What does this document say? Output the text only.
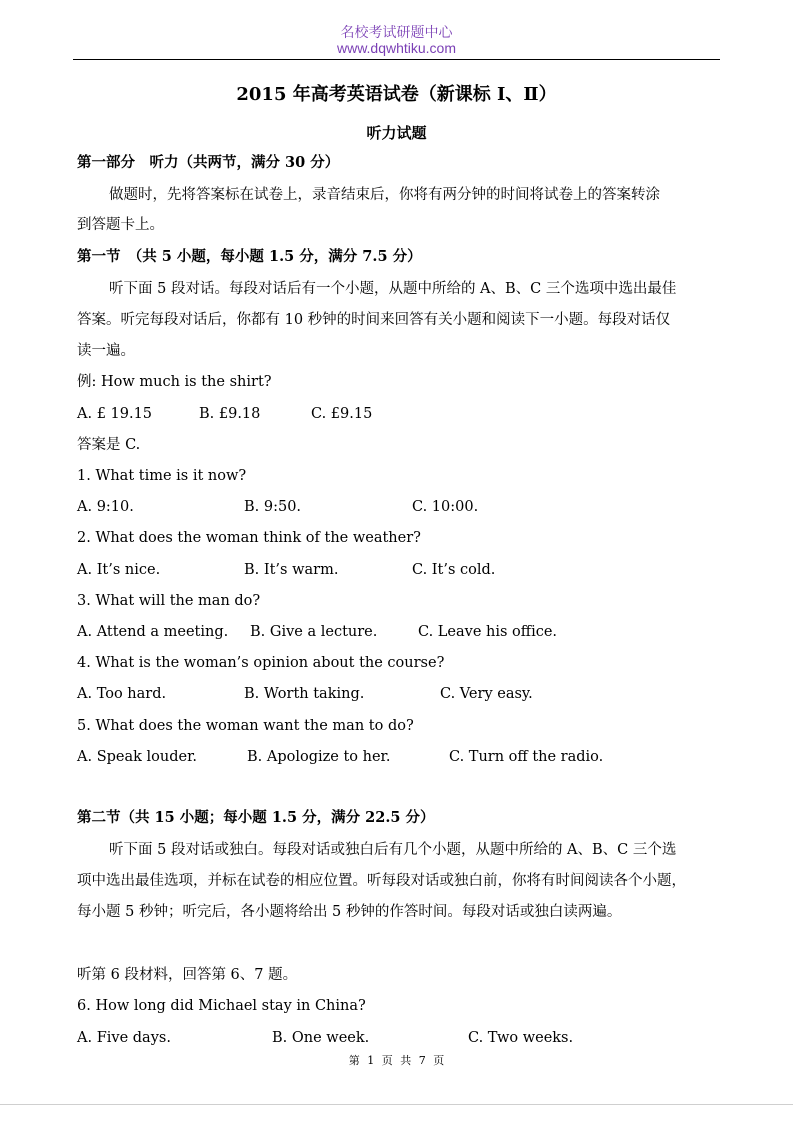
名校考试研题中心
www.dqwhtiku.com
2015 年高考英语试卷（新课标 I、Ⅱ）
听力试题
第一部分　听力（共两节，满分 30 分）
做题时，先将答案标在试卷上，录音结束后，你将有两分钟的时间将试卷上的答案转涂
到答题卡上。
第一节　（共 5 小题，每小题 1.5 分，满分 7.5 分）
听下面 5 段对话。每段对话后有一个小题，从题中所给的 A、B、C 三个选项中选出最佳
答案。听完每段对话后，你都有 10 秒钟的时间来回答有关小题和阅读下一小题。每段对话仅
读一遍。
例: How much is the shirt?
A. £ 19.15	B. £9.18	C. £9.15
答案是 C.
1. What time is it now?
A. 9:10.	B. 9:50.	C. 10:00.
2. What does the woman think of the weather?
A. It’s nice.	B. It’s warm.	C. It’s cold.
3. What will the man do?
A. Attend a meeting. B. Give a lecture.	C. Leave his office.
4. What is the woman’s opinion about the course?
A. Too hard.	B. Worth taking.	C. Very easy.
5. What does the woman want the man to do?
A. Speak louder.	B. Apologize to her.	C. Turn off the radio.
第二节（共 15 小题；每小题 1.5 分，满分 22.5 分）
听下面 5 段对话或独白。每段对话或独白后有几个小题，从题中所给的 A、B、C 三个选
项中选出最佳选项，并标在试卷的相应位置。听每段对话或独白前，你将有时间阅读各个小题，
每小题 5 秒钟；听完后，各小题将给出 5 秒钟的作答时间。每段对话或独白读两遍。
听第 6 段材料，回答第 6、7 题。
6. How long did Michael stay in China?
A. Five days.	B. One week.	C. Two weeks.
第 1 页 共 7 页
